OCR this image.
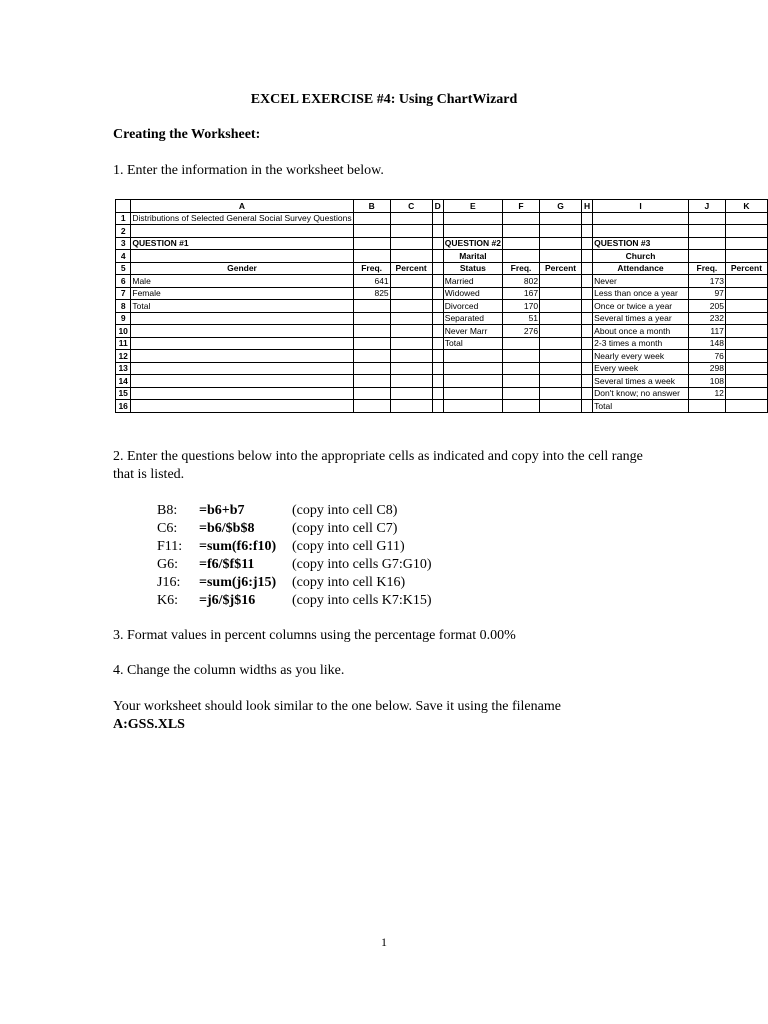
EXCEL EXERCISE #4: Using ChartWizard
Creating the Worksheet:
1. Enter the information in the worksheet below.
	A	B	C	D	E	F	G	H	I	J	K
1	Distributions of Selected General Social Survey Questions										
2											
3	QUESTION #1				QUESTION #2				QUESTION #3		
4					Marital				Church		
5	Gender	Freq.	Percent		Status	Freq.	Percent		Attendance	Freq.	Percent
6	Male	641			Married	802			Never	173	
7	Female	825			Widowed	167			Less than once a year	97	
8	Total				Divorced	170			Once or twice a year	205	
9					Separated	51			Several times a year	232	
10					Never Marr	276			About once a month	117	
11					Total				2-3 times a month	148	
12									Nearly every week	76	
13									Every week	298	
14									Several times a week	108	
15									Don't know; no answer	12	
16									Total		
2. Enter the questions below into the appropriate cells as indicated and copy into the cell range that is listed.
B8:	=b6+b7	(copy into cell C8)
C6:	=b6/$b$8	(copy into cell C7)
F11:	=sum(f6:f10)	(copy into cell G11)
G6:	=f6/$f$11	(copy into cells G7:G10)
J16:	=sum(j6:j15)	(copy into cell K16)
K6:	=j6/$j$16	(copy into cells K7:K15)
3. Format values in percent columns using the percentage format 0.00%
4. Change the column widths as you like.
Your worksheet should look similar to the one below. Save it using the filename
A:GSS.XLS
1
